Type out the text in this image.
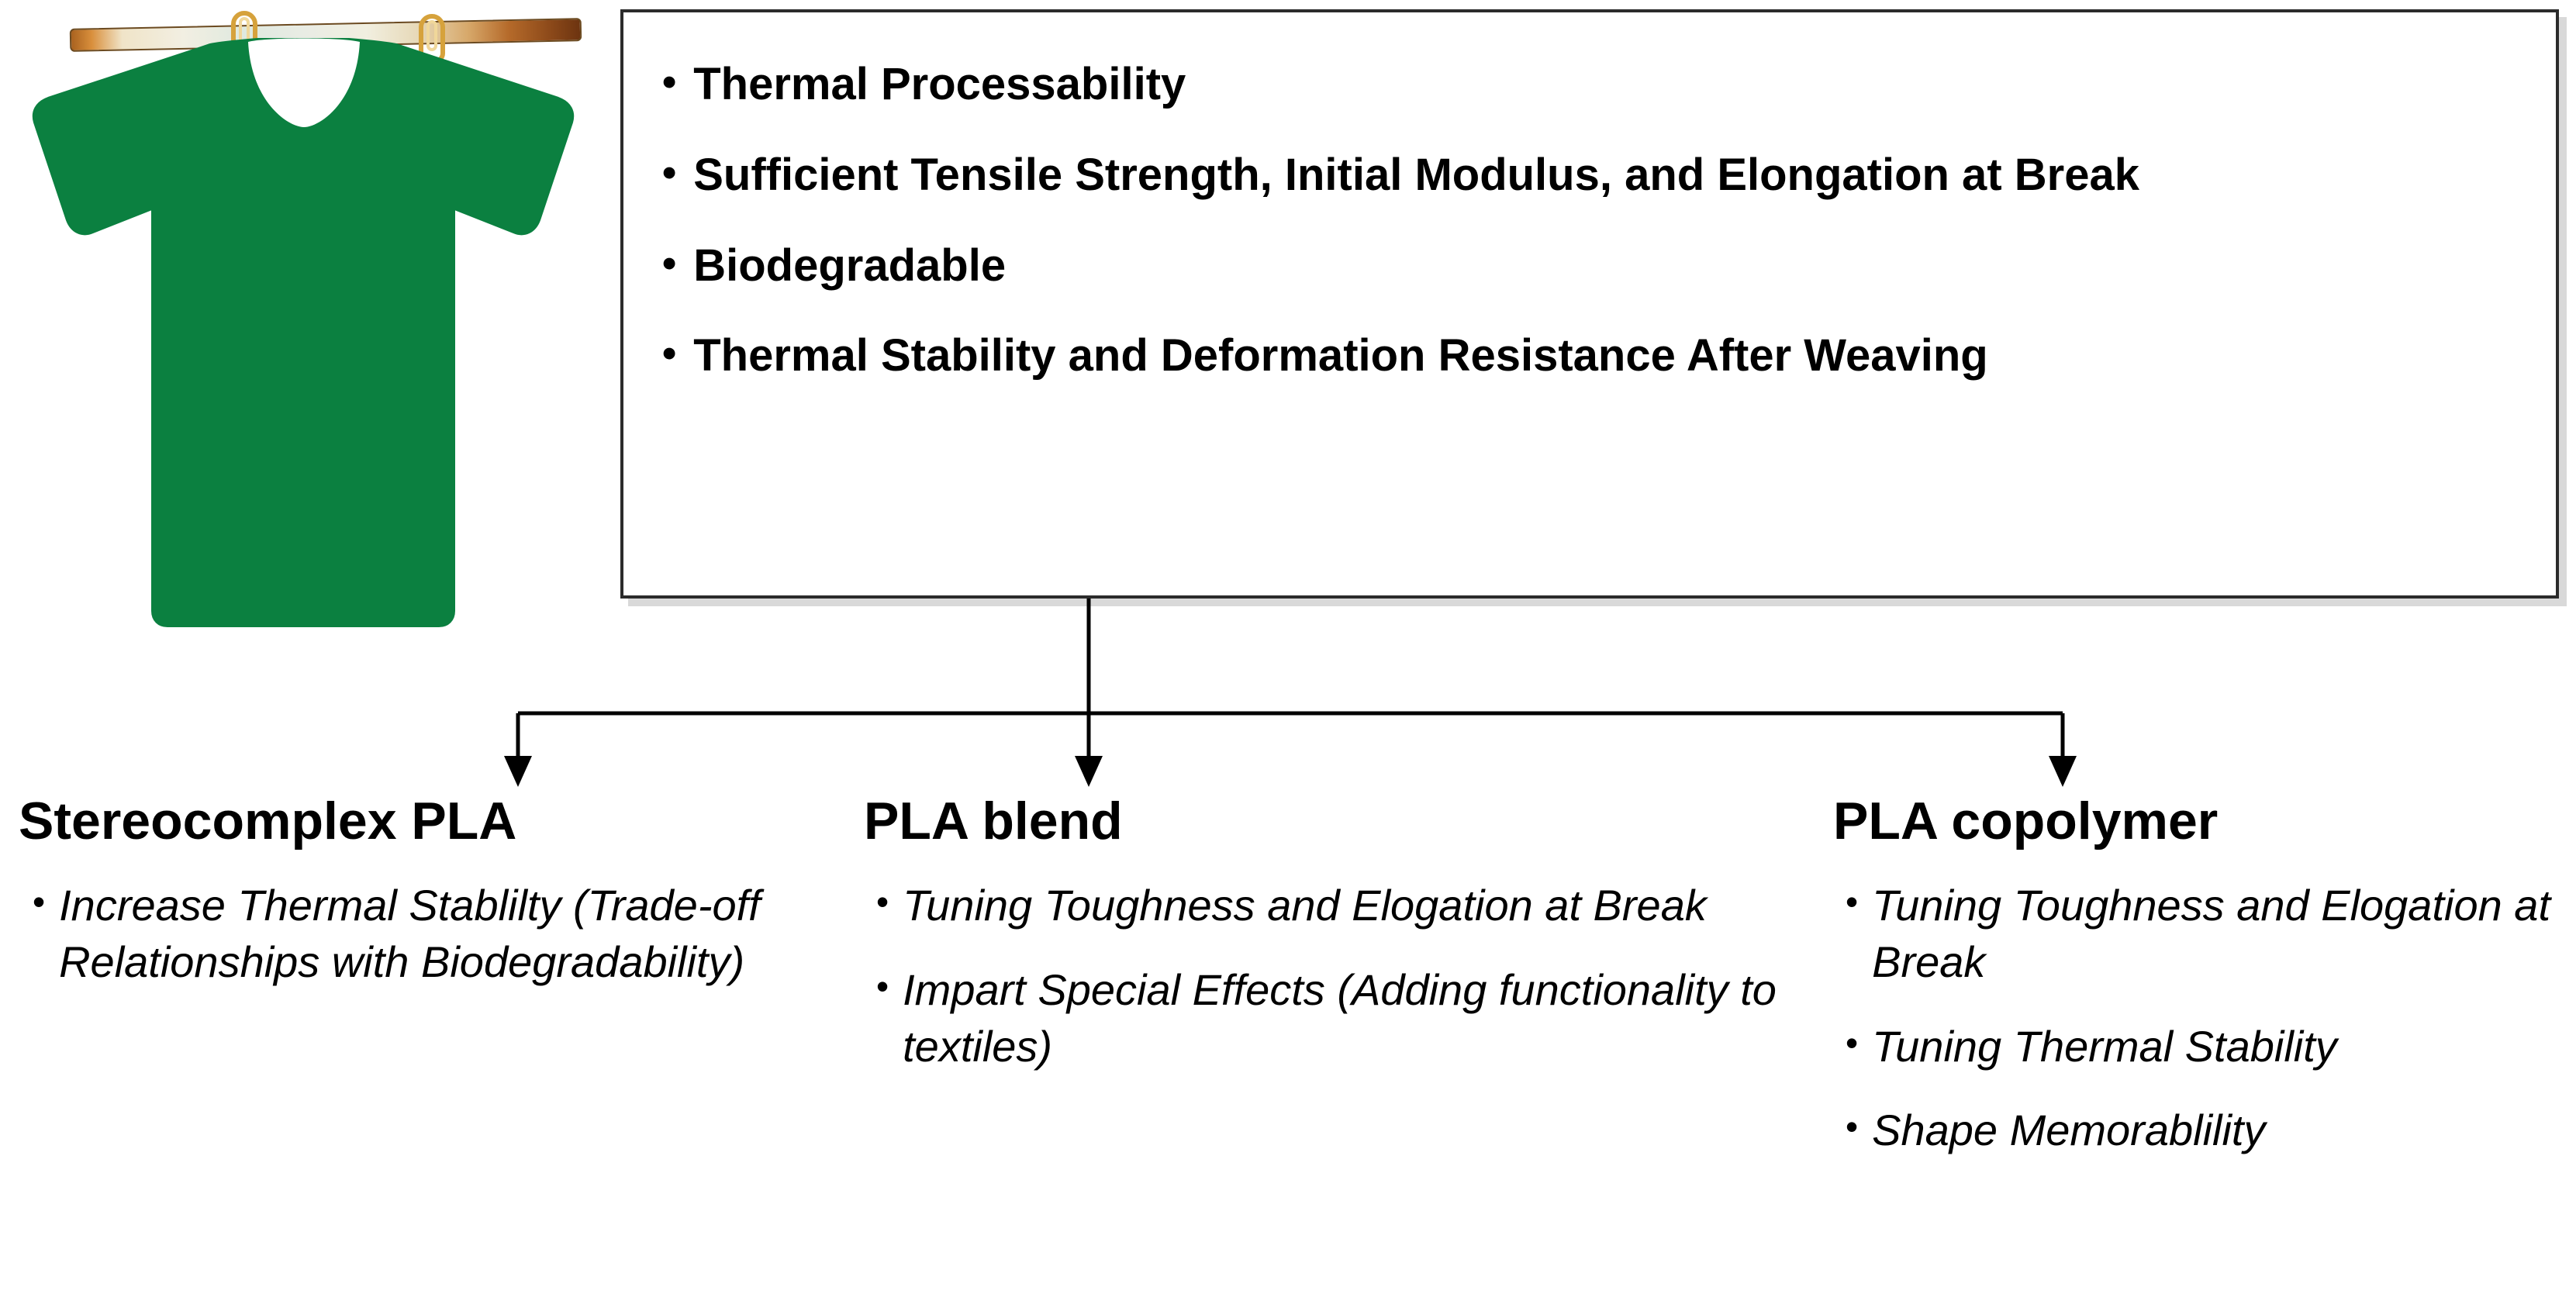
• Thermal Processability
• Sufficient Tensile Strength, Initial Modulus, and Elongation at Break
• Biodegradable
• Thermal Stability and Deformation Resistance After Weaving
Stereocomplex PLA
• Increase Thermal Stablilty (Trade-off Relationships with Biodegradability)
PLA blend
• Tuning Toughness and Elogation at Break
• Impart Special Effects (Adding functionality to textiles)
PLA copolymer
• Tuning Toughness and Elogation at Break
• Tuning Thermal Stability
• Shape Memorablility
